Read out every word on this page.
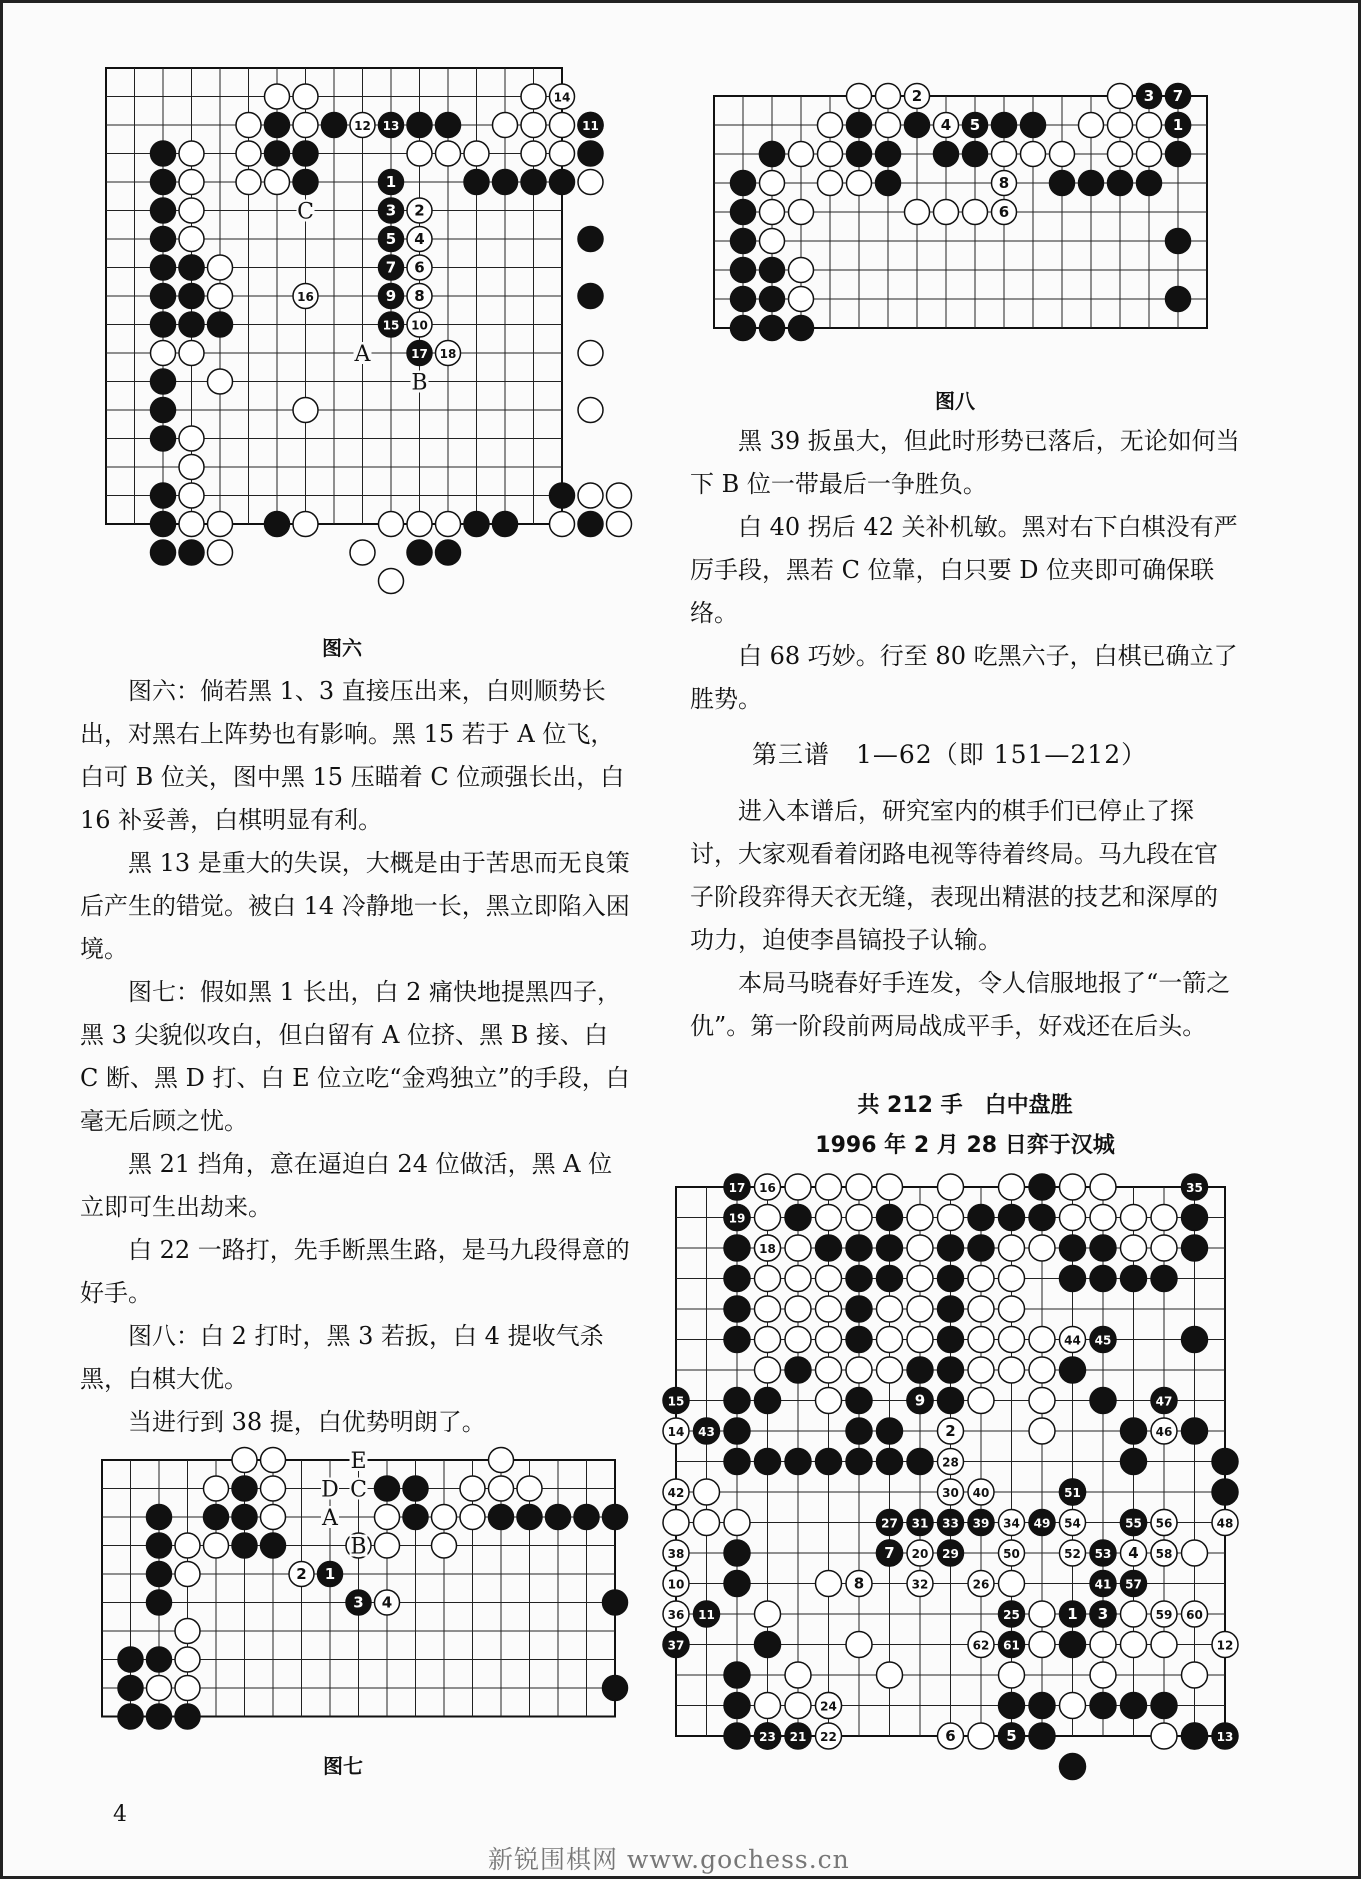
12 13
14
11
1
3 2
5 4
7 6
9 8
15 10
17 18
16
C
A
B
图六
2 1
3 4
E
D C
A
B
图七
2	3 7
4 5	1
8
6
图八

图六：倘若黑 1、3 直接压出来，白则顺势长出，对黑右上阵势也有影响。黑 15 若于 A 位飞，白可 B 位关，图中黑 15 压瞄着 C 位顽强长出，白 16 补妥善，白棋明显有利。

黑 13 是重大的失误，大概是由于苦思而无良策后产生的错觉。被白 14 冷静地一长，黑立即陷入困境。

图七：假如黑 1 长出，白 2 痛快地提黑四子，黑 3 尖貌似攻白，但白留有 A 位挤、黑 B 接、白 C 断、黑 D 打、白 E 位立吃“金鸡独立”的手段，白毫无后顾之忧。

黑 21 挡角，意在逼迫白 24 位做活，黑 A 位立即可生出劫来。

白 22 一路打，先手断黑生路，是马九段得意的好手。

图八：白 2 打时，黑 3 若扳，白 4 提收气杀黑，白棋大优。

当进行到 38 提，白优势明朗了。

黑 39 扳虽大，但此时形势已落后，无论如何当下 B 位一带最后一争胜负。

白 40 拐后 42 关补机敏。黑对右下白棋没有严厉手段，黑若 C 位靠，白只要 D 位夹即可确保联络。

白 68 巧妙。行至 80 吃黑六子，白棋已确立了胜势。

第三谱　1—62（即 151—212）

进入本谱后，研究室内的棋手们已停止了探讨，大家观看着闭路电视等待着终局。马九段在官子阶段弈得天衣无缝，表现出精湛的技艺和深厚的功力，迫使李昌镐投子认输。

本局马晓春好手连发，令人信服地报了“一箭之仇”。第一阶段前两局战成平手，好戏还在后头。

共 212 手　白中盘胜
1996 年 2 月 28 日弈于汉城
17 16	35
19
18
44 45
47
46
15	9
14 43	2
28
30 40	51
42
27 31 33 39 34 49 54	55 56	48
38	7 20 29	50	52 53 4 58
10	8	32	26	41 57
36 11	25	1 3	59 60
37	62 61	12
24
23 21 22	6	5	13
4
新锐围棋网 www.gochess.cn
